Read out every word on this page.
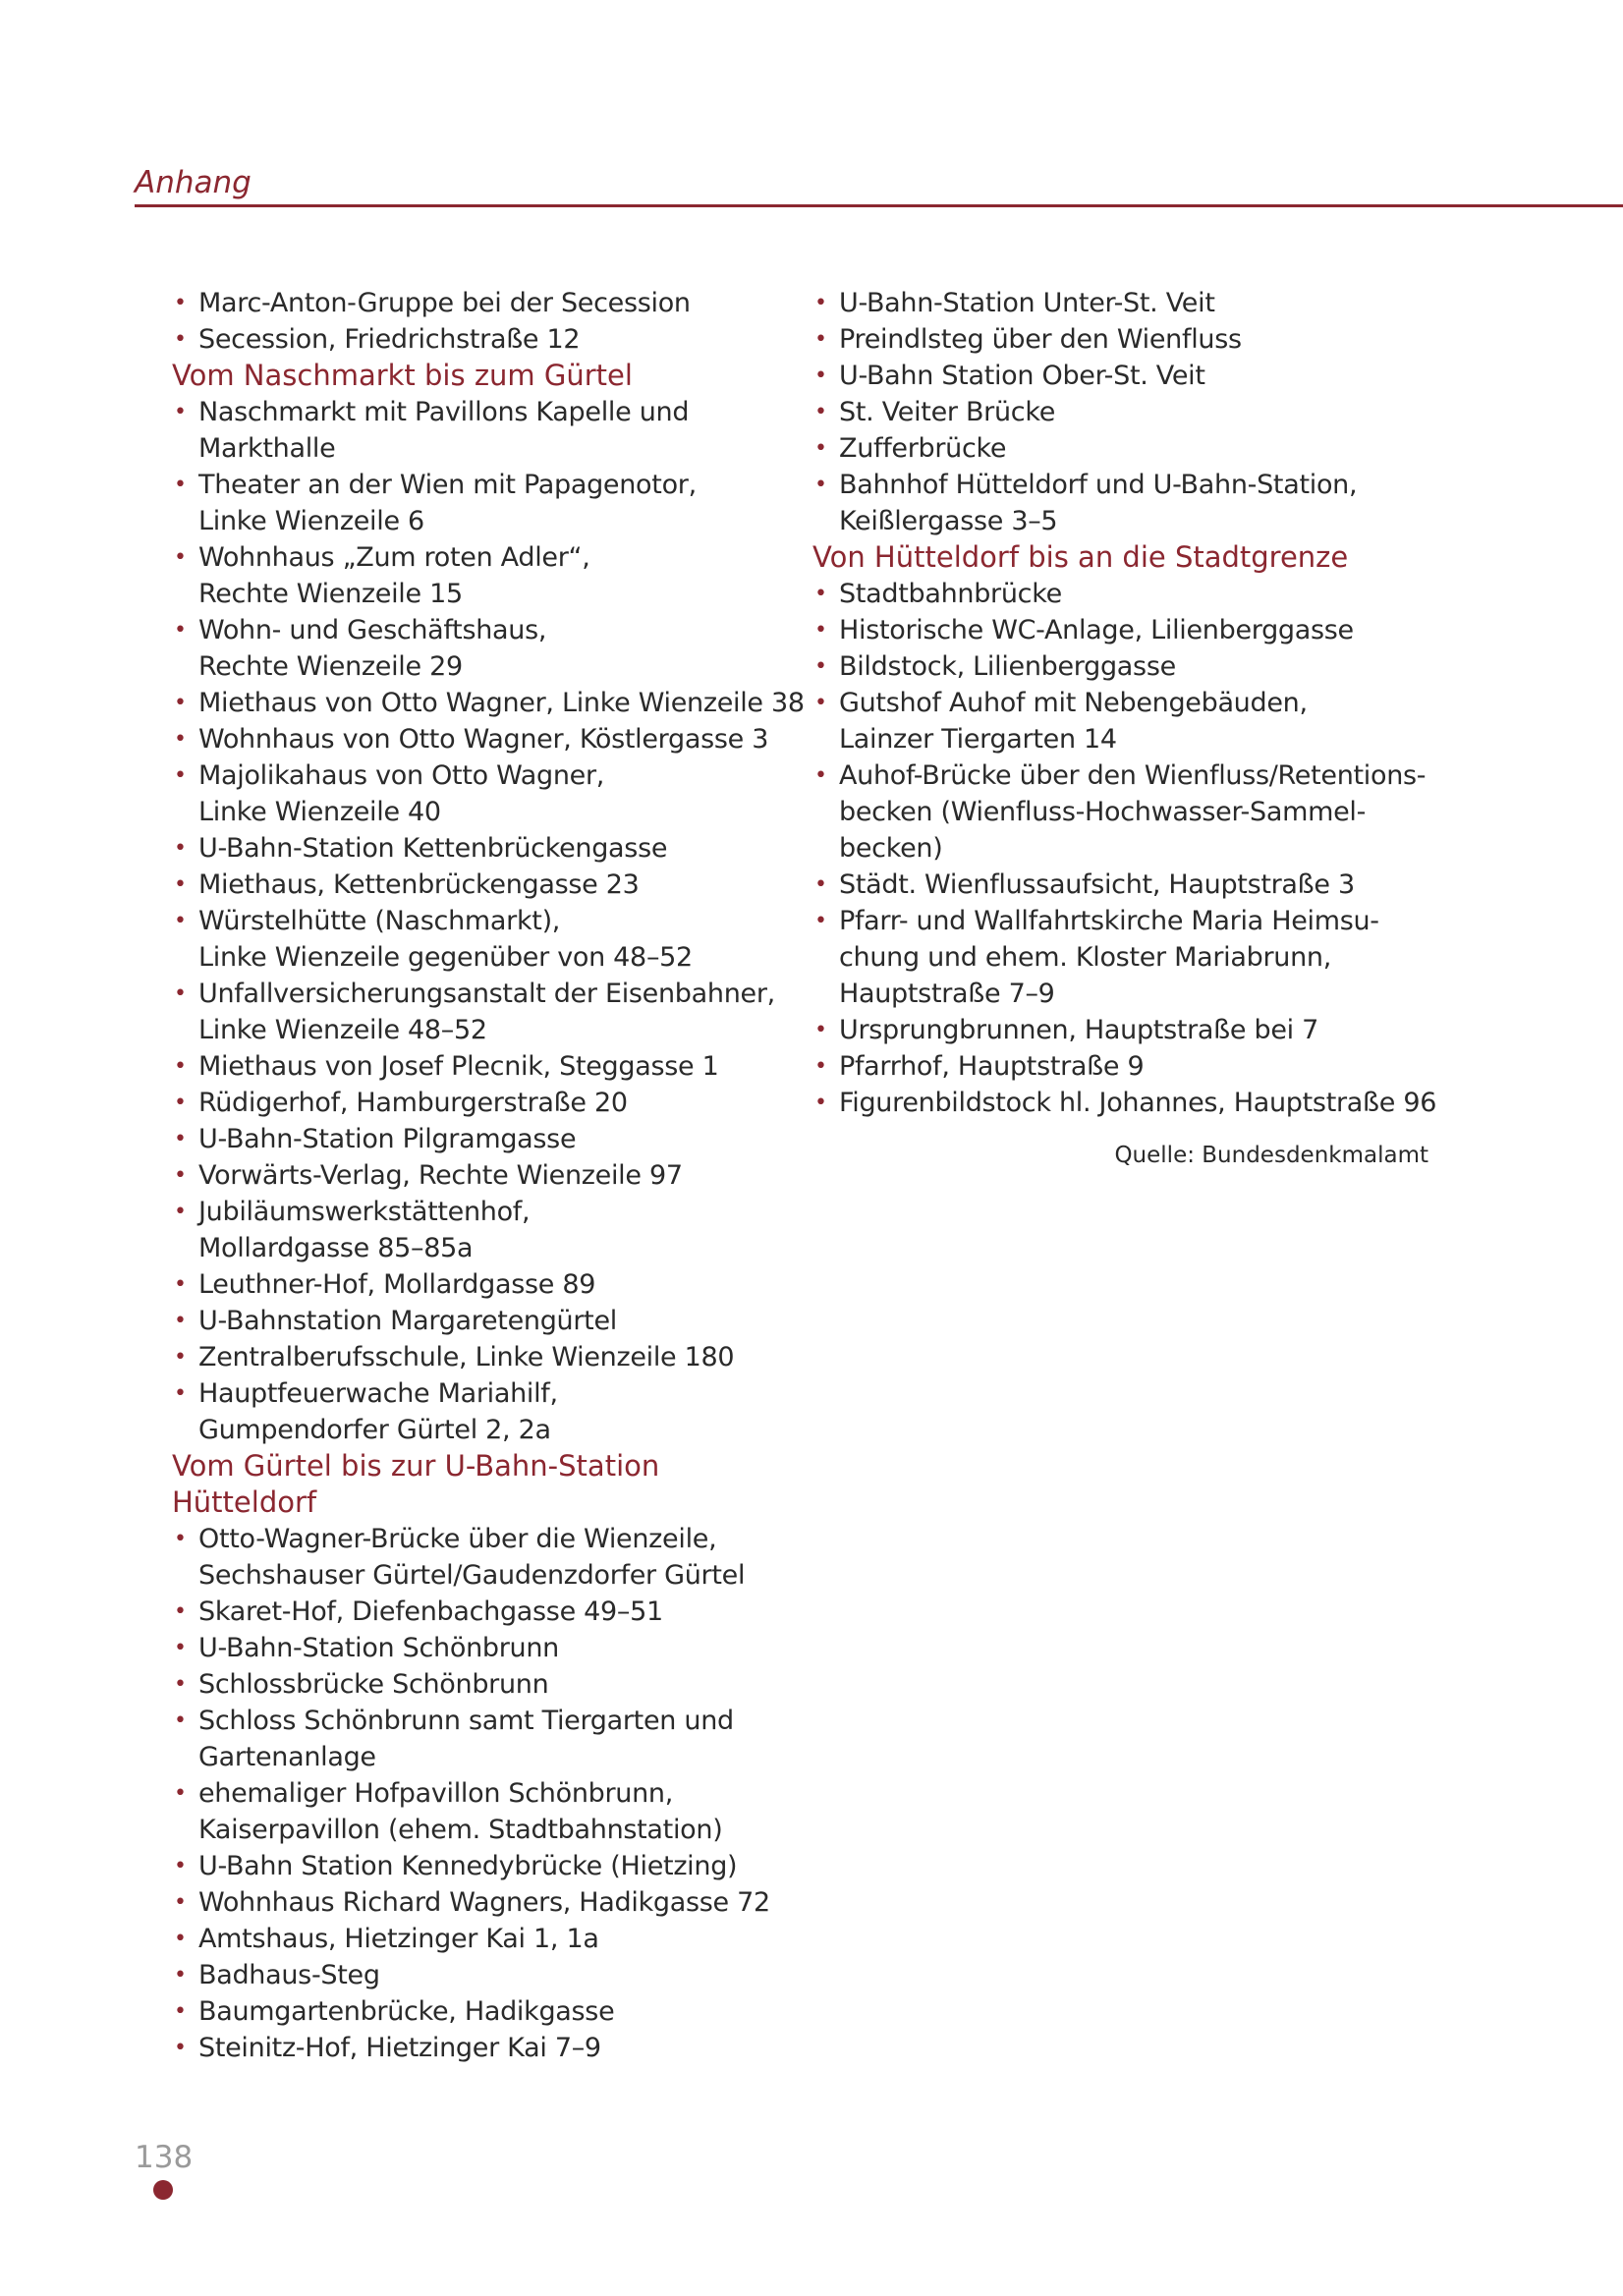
Anhang
• Marc-Anton-Gruppe bei der Secession
• Secession, Friedrichstraße 12
Vom Naschmarkt bis zum Gürtel
• Naschmarkt mit Pavillons Kapelle und
Markthalle
• Theater an der Wien mit Papagenotor,
Linke Wienzeile 6
• Wohnhaus „Zum roten Adler“,
Rechte Wienzeile 15
• Wohn- und Geschäftshaus,
Rechte Wienzeile 29
• Miethaus von Otto Wagner, Linke Wienzeile 38
• Wohnhaus von Otto Wagner, Köstlergasse 3
• Majolikahaus von Otto Wagner,
Linke Wienzeile 40
• U-Bahn-Station Kettenbrückengasse
• Miethaus, Kettenbrückengasse 23
• Würstelhütte (Naschmarkt),
Linke Wienzeile gegenüber von 48–52
• Unfallversicherungsanstalt der Eisenbahner,
Linke Wienzeile 48–52
• Miethaus von Josef Plecnik, Steggasse 1
• Rüdigerhof, Hamburgerstraße 20
• U-Bahn-Station Pilgramgasse
• Vorwärts-Verlag, Rechte Wienzeile 97
• Jubiläumswerkstättenhof,
Mollardgasse 85–85a
• Leuthner-Hof, Mollardgasse 89
• U-Bahnstation Margaretengürtel
• Zentralberufsschule, Linke Wienzeile 180
• Hauptfeuerwache Mariahilf,
Gumpendorfer Gürtel 2, 2a
Vom Gürtel bis zur U-Bahn-Station Hütteldorf
• Otto-Wagner-Brücke über die Wienzeile,
Sechshauser Gürtel/Gaudenzdorfer Gürtel
• Skaret-Hof, Diefenbachgasse 49–51
• U-Bahn-Station Schönbrunn
• Schlossbrücke Schönbrunn
• Schloss Schönbrunn samt Tiergarten und
Gartenanlage
• ehemaliger Hofpavillon Schönbrunn,
Kaiserpavillon (ehem. Stadtbahnstation)
• U-Bahn Station Kennedybrücke (Hietzing)
• Wohnhaus Richard Wagners, Hadikgasse 72
• Amtshaus, Hietzinger Kai 1, 1a
• Badhaus-Steg
• Baumgartenbrücke, Hadikgasse
• Steinitz-Hof, Hietzinger Kai 7–9
• U-Bahn-Station Unter-St. Veit
• Preindlsteg über den Wienfluss
• U-Bahn Station Ober-St. Veit
• St. Veiter Brücke
• Zufferbrücke
• Bahnhof Hütteldorf und U-Bahn-Station,
Keißlergasse 3–5
Von Hütteldorf bis an die Stadtgrenze
• Stadtbahnbrücke
• Historische WC-Anlage, Lilienberggasse
• Bildstock, Lilienberggasse
• Gutshof Auhof mit Nebengebäuden,
Lainzer Tiergarten 14
• Auhof-Brücke über den Wienfluss/Retentions-
becken (Wienfluss-Hochwasser-Sammel-
becken)
• Städt. Wienflussaufsicht, Hauptstraße 3
• Pfarr- und Wallfahrtskirche Maria Heimsu-
chung und ehem. Kloster Mariabrunn,
Hauptstraße 7–9
• Ursprungbrunnen, Hauptstraße bei 7
• Pfarrhof, Hauptstraße 9
• Figurenbildstock hl. Johannes, Hauptstraße 96
Quelle: Bundesdenkmalamt
138
